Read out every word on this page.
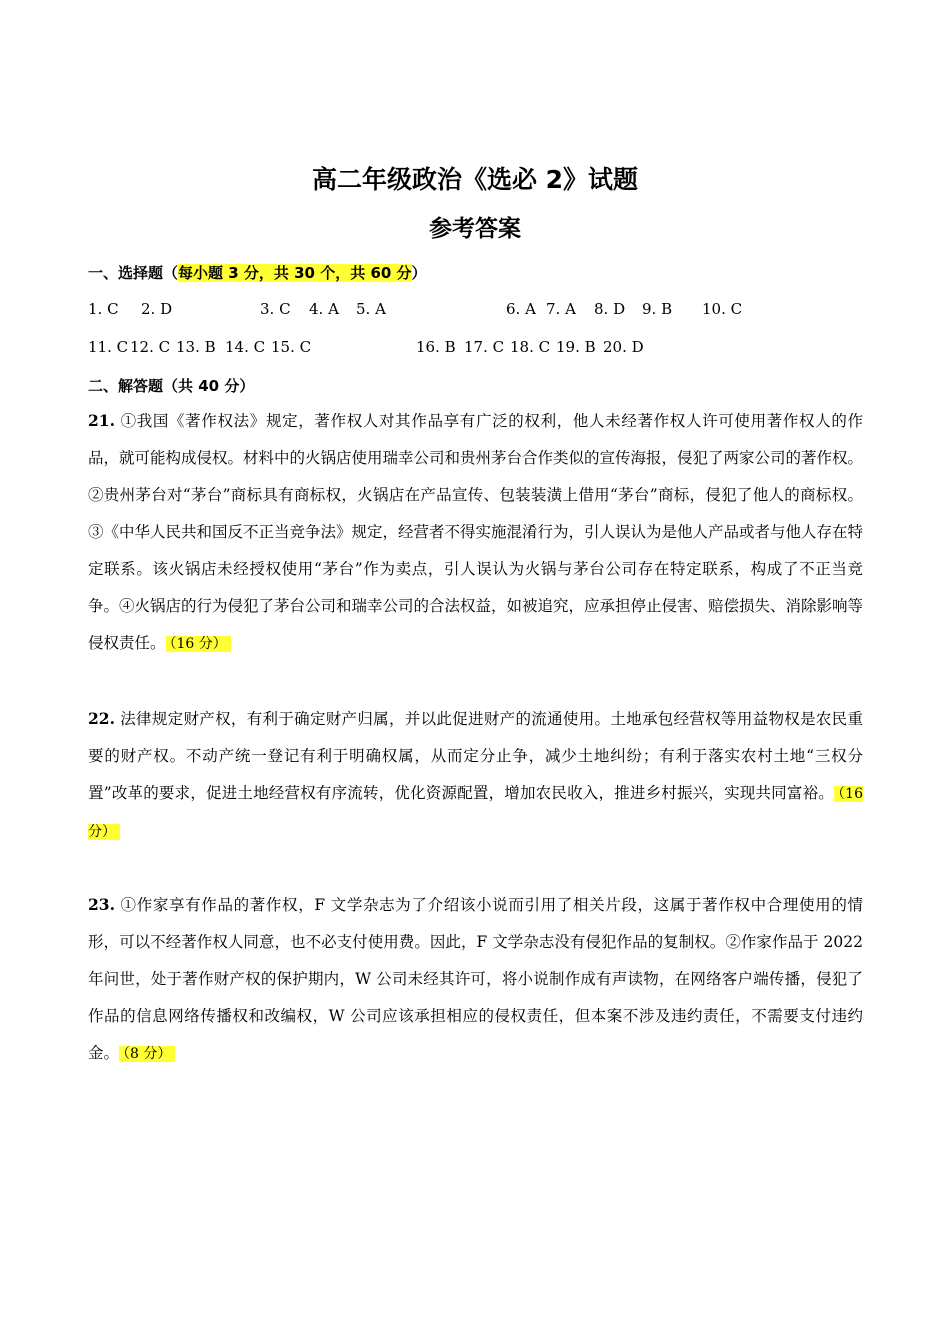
高二年级政治《选必 2》试题
参考答案
一、选择题（每小题 3 分，共 30 个，共 60 分）
1. C 2. D	3. C 4. A 5. A	6. A 7. A 8. D 9. B 10. C
11. C 12. C 13. B 14. C 15. C	16. B 17. C 18. C 19. B 20. D
二、解答题（共 40 分）
21. ①我国《著作权法》规定，著作权人对其作品享有广泛的权利，他人未经著作权人许可使用著作权人的作品，就可能构成侵权。材料中的火锅店使用瑞幸公司和贵州茅台合作类似的宣传海报，侵犯了两家公司的著作权。②贵州茅台对“茅台”商标具有商标权，火锅店在产品宣传、包装装潢上借用“茅台”商标，侵犯了他人的商标权。③《中华人民共和国反不正当竞争法》规定，经营者不得实施混淆行为，引人误认为是他人产品或者与他人存在特定联系。该火锅店未经授权使用“茅台”作为卖点，引人误认为火锅与茅台公司存在特定联系，构成了不正当竞争。④火锅店的行为侵犯了茅台公司和瑞幸公司的合法权益，如被追究，应承担停止侵害、赔偿损失、消除影响等侵权责任。 （16 分）
22. 法律规定财产权，有利于确定财产归属，并以此促进财产的流通使用。土地承包经营权等用益物权是农民重要的财产权。不动产统一登记有利于明确权属，从而定分止争，减少土地纠纷；有利于落实农村土地“三权分置”改革的要求，促进土地经营权有序流转，优化资源配置，增加农民收入，推进乡村振兴，实现共同富裕。 （16 分）
23. ①作家享有作品的著作权，F 文学杂志为了介绍该小说而引用了相关片段，这属于著作权中合理使用的情形，可以不经著作权人同意，也不必支付使用费。因此，F 文学杂志没有侵犯作品的复制权。②作家作品于 2022 年问世，处于著作财产权的保护期内，W 公司未经其许可，将小说制作成有声读物，在网络客户端传播，侵犯了作品的信息网络传播权和改编权，W 公司应该承担相应的侵权责任，但本案不涉及违约责任，不需要支付违约金。 （8 分）
